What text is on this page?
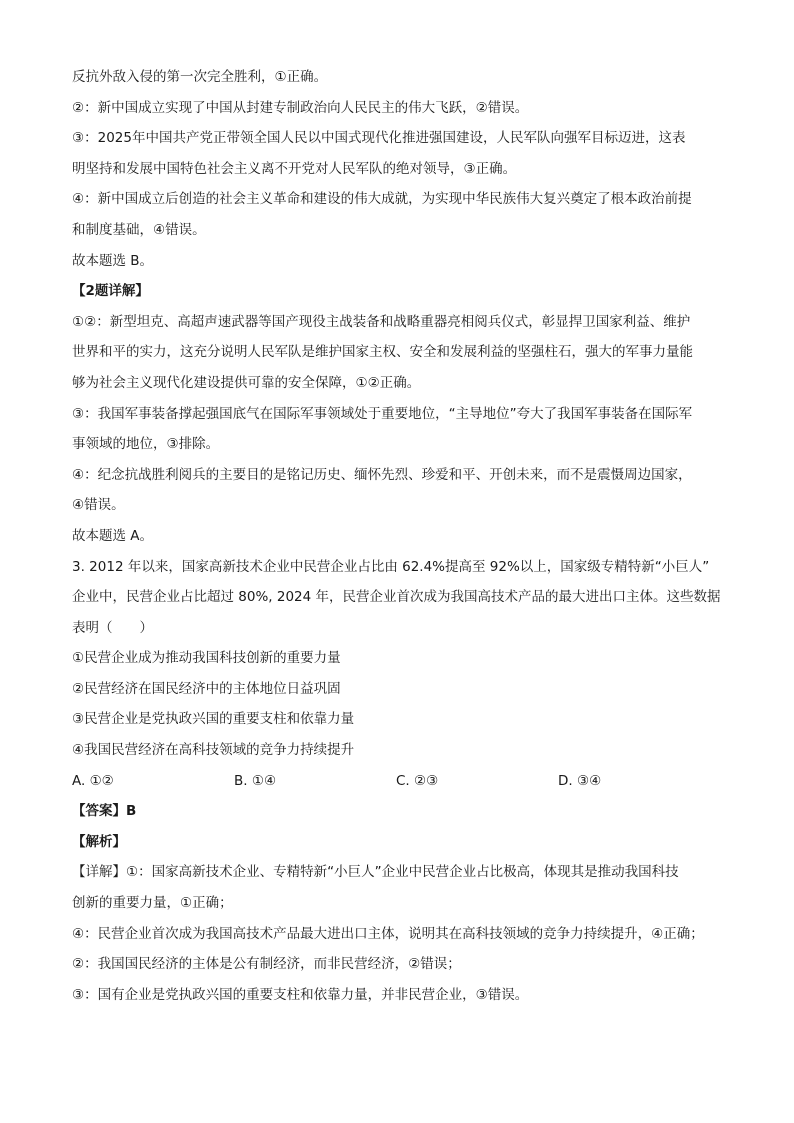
反抗外敌入侵的第一次完全胜利，①正确。
②：新中国成立实现了中国从封建专制政治向人民民主的伟大飞跃，②错误。
③：2025年中国共产党正带领全国人民以中国式现代化推进强国建设，人民军队向强军目标迈进，这表
明坚持和发展中国特色社会主义离不开党对人民军队的绝对领导，③正确。
④：新中国成立后创造的社会主义革命和建设的伟大成就，为实现中华民族伟大复兴奠定了根本政治前提
和制度基础，④错误。
故本题选 B。
【2题详解】
①②：新型坦克、高超声速武器等国产现役主战装备和战略重器亮相阅兵仪式，彰显捍卫国家利益、维护
世界和平的实力，这充分说明人民军队是维护国家主权、安全和发展利益的坚强柱石，强大的军事力量能
够为社会主义现代化建设提供可靠的安全保障，①②正确。
③：我国军事装备撑起强国底气在国际军事领域处于重要地位，“主导地位”夸大了我国军事装备在国际军
事领域的地位，③排除。
④：纪念抗战胜利阅兵的主要目的是铭记历史、缅怀先烈、珍爱和平、开创未来，而不是震慑周边国家，
④错误。
故本题选 A。
3. 2012 年以来，国家高新技术企业中民营企业占比由 62.4%提高至 92%以上，国家级专精特新“小巨人”
企业中，民营企业占比超过 80%, 2024 年，民营企业首次成为我国高技术产品的最大进出口主体。这些数据
表明（　　）
①民营企业成为推动我国科技创新的重要力量
②民营经济在国民经济中的主体地位日益巩固
③民营企业是党执政兴国的重要支柱和依靠力量
④我国民营经济在高科技领域的竞争力持续提升
A. ①②	B. ①④	C. ②③	D. ③④
【答案】B
【解析】
【详解】①：国家高新技术企业、专精特新“小巨人”企业中民营企业占比极高，体现其是推动我国科技
创新的重要力量，①正确；
④：民营企业首次成为我国高技术产品最大进出口主体，说明其在高科技领域的竞争力持续提升，④正确；
②：我国国民经济的主体是公有制经济，而非民营经济，②错误；
③：国有企业是党执政兴国的重要支柱和依靠力量，并非民营企业，③错误。
